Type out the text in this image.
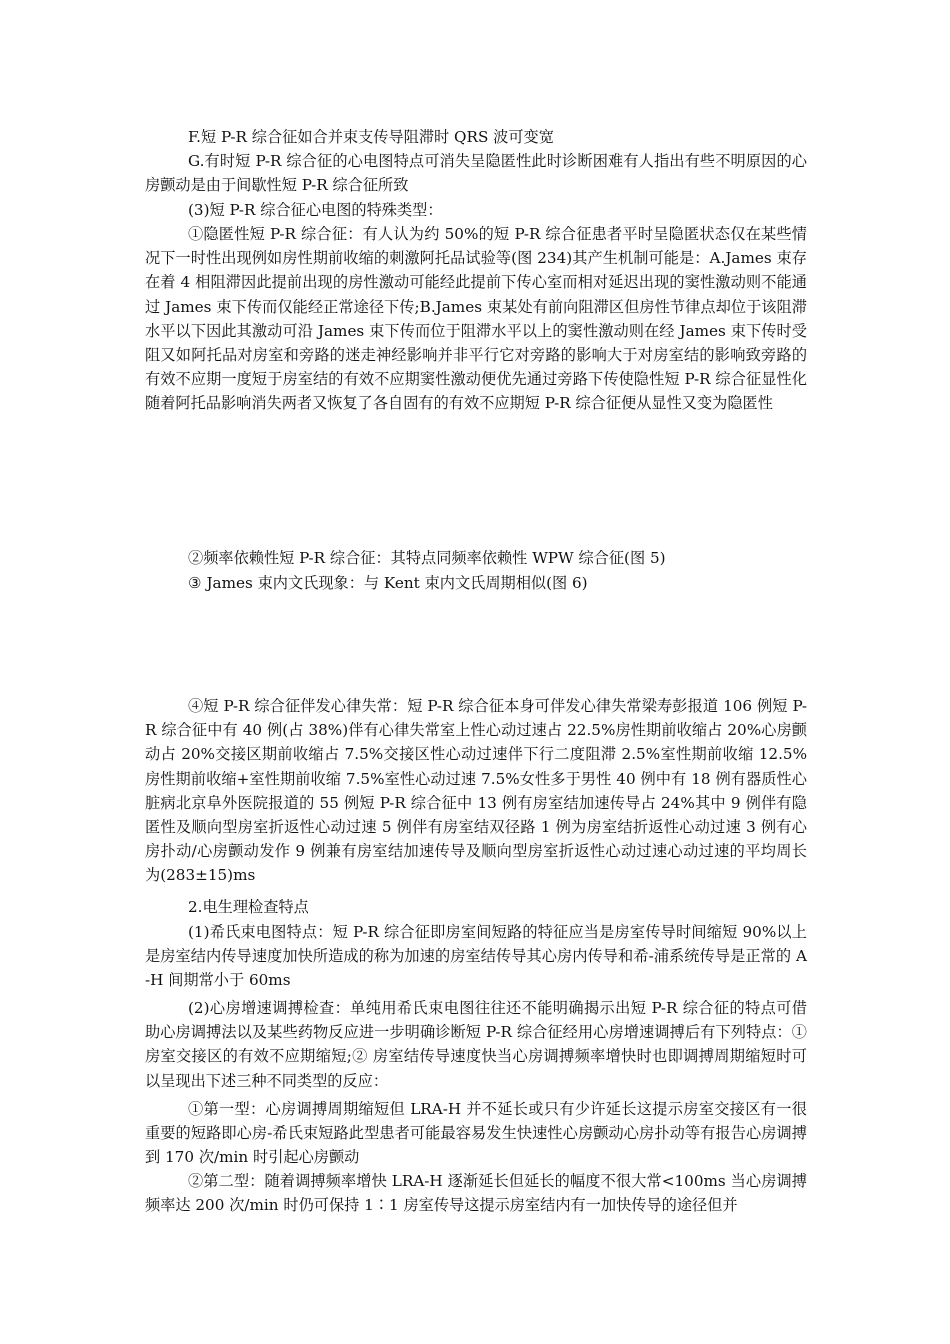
F.短 P-R 综合征如合并束支传导阻滞时 QRS 波可变宽

G.有时短 P-R 综合征的心电图特点可消失呈隐匿性此时诊断困难有人指出有些不明原因的心房颤动是由于间歇性短 P-R 综合征所致

(3)短 P-R 综合征心电图的特殊类型：

①隐匿性短 P-R 综合征：有人认为约 50%的短 P-R 综合征患者平时呈隐匿状态仅在某些情况下一时性出现例如房性期前收缩的刺激阿托品试验等(图 234)其产生机制可能是：A.James 束存在着 4 相阻滞因此提前出现的房性激动可能经此提前下传心室而相对延迟出现的窦性激动则不能通过 James 束下传而仅能经正常途径下传;B.James 束某处有前向阻滞区但房性节律点却位于该阻滞水平以下因此其激动可沿 James 束下传而位于阻滞水平以上的窦性激动则在经 James 束下传时受阻又如阿托品对房室和旁路的迷走神经影响并非平行它对旁路的影响大于对房室结的影响致旁路的有效不应期一度短于房室结的有效不应期窦性激动便优先通过旁路下传使隐性短 P-R 综合征显性化随着阿托品影响消失两者又恢复了各自固有的有效不应期短 P-R 综合征便从显性又变为隐匿性

②频率依赖性短 P-R 综合征：其特点同频率依赖性 WPW 综合征(图 5)

③ James 束内文氏现象：与 Kent 束内文氏周期相似(图 6)

④短 P-R 综合征伴发心律失常：短 P-R 综合征本身可伴发心律失常梁寿彭报道 106 例短 P-R 综合征中有 40 例(占 38%)伴有心律失常室上性心动过速占 22.5%房性期前收缩占 20%心房颤动占 20%交接区期前收缩占 7.5%交接区性心动过速伴下行二度阻滞 2.5%室性期前收缩 12.5%房性期前收缩+室性期前收缩 7.5%室性心动过速 7.5%女性多于男性 40 例中有 18 例有器质性心脏病北京阜外医院报道的 55 例短 P-R 综合征中 13 例有房室结加速传导占 24%其中 9 例伴有隐匿性及顺向型房室折返性心动过速 5 例伴有房室结双径路 1 例为房室结折返性心动过速 3 例有心房扑动/心房颤动发作 9 例兼有房室结加速传导及顺向型房室折返性心动过速心动过速的平均周长为(283±15)ms

2.电生理检查特点

(1)希氏束电图特点：短 P-R 综合征即房室间短路的特征应当是房室传导时间缩短 90%以上是房室结内传导速度加快所造成的称为加速的房室结传导其心房内传导和希-浦系统传导是正常的 A-H 间期常小于 60ms

(2)心房增速调搏检查：单纯用希氏束电图往往还不能明确揭示出短 P-R 综合征的特点可借助心房调搏法以及某些药物反应进一步明确诊断短 P-R 综合征经用心房增速调搏后有下列特点：①房室交接区的有效不应期缩短;② 房室结传导速度快当心房调搏频率增快时也即调搏周期缩短时可以呈现出下述三种不同类型的反应：

①第一型：心房调搏周期缩短但 LRA-H 并不延长或只有少许延长这提示房室交接区有一很重要的短路即心房-希氏束短路此型患者可能最容易发生快速性心房颤动心房扑动等有报告心房调搏到 170 次/min 时引起心房颤动

②第二型：随着调搏频率增快 LRA-H 逐渐延长但延长的幅度不很大常<100ms 当心房调搏频率达 200 次/min 时仍可保持 1∶1 房室传导这提示房室结内有一加快传导的途径但并
